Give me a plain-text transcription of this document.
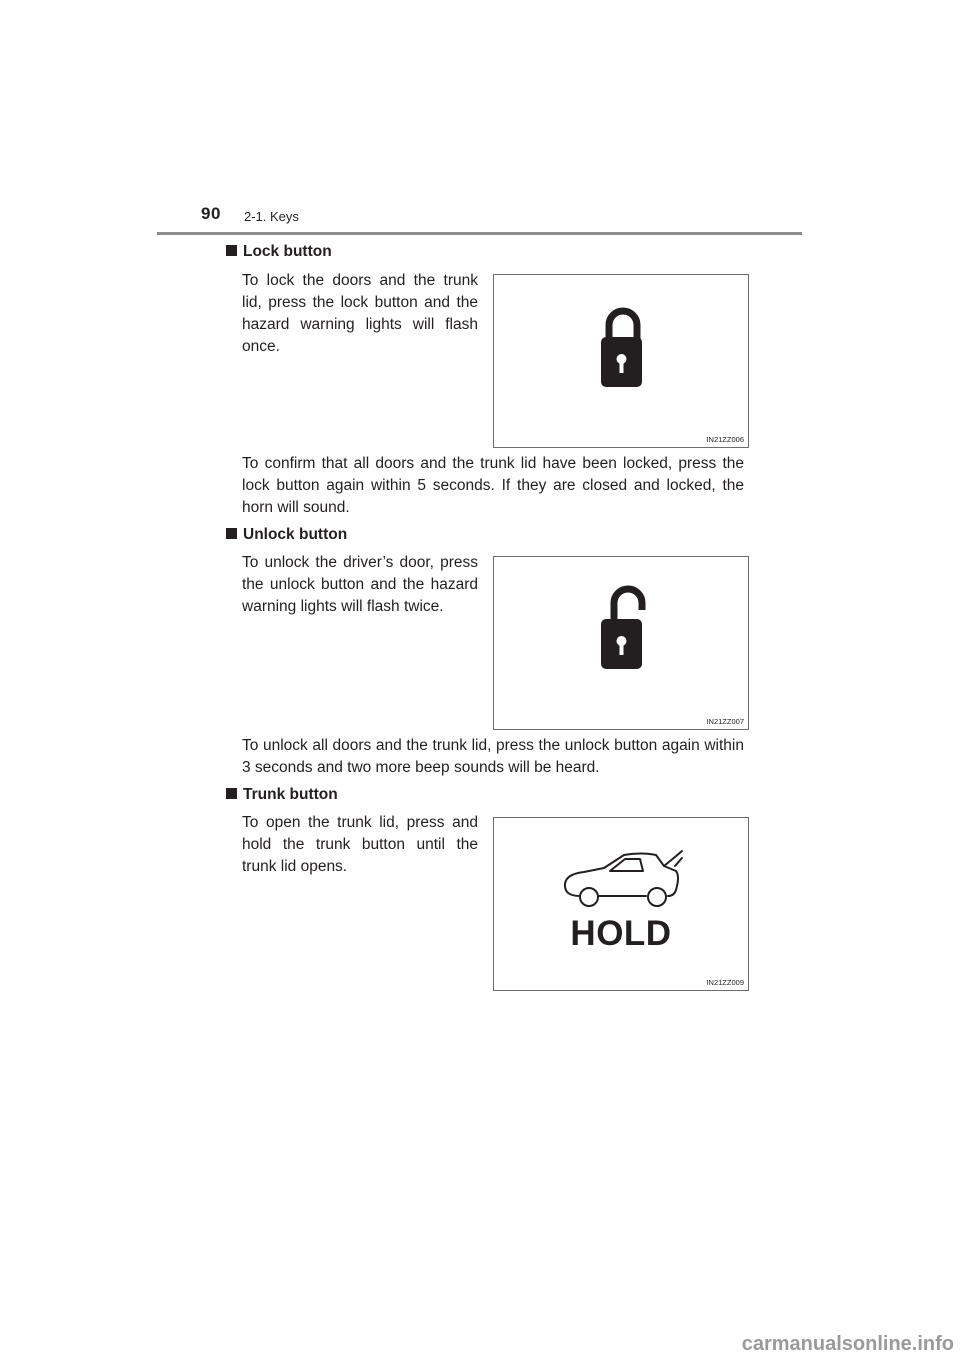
90 2-1. Keys
Lock button

To lock the doors and the trunk lid, press the lock button and the hazard warning lights will flash once.

IN21ZZ006

To confirm that all doors and the trunk lid have been locked, press the lock button again within 5 seconds. If they are closed and locked, the horn will sound.

Unlock button

To unlock the driver’s door, press the unlock button and the hazard warning lights will flash twice.

IN21ZZ007

To unlock all doors and the trunk lid, press the unlock button again within 3 seconds and two more beep sounds will be heard.

Trunk button

To open the trunk lid, press and hold the trunk button until the trunk lid opens.

HOLD
IN21ZZ009
carmanualsonline.info
